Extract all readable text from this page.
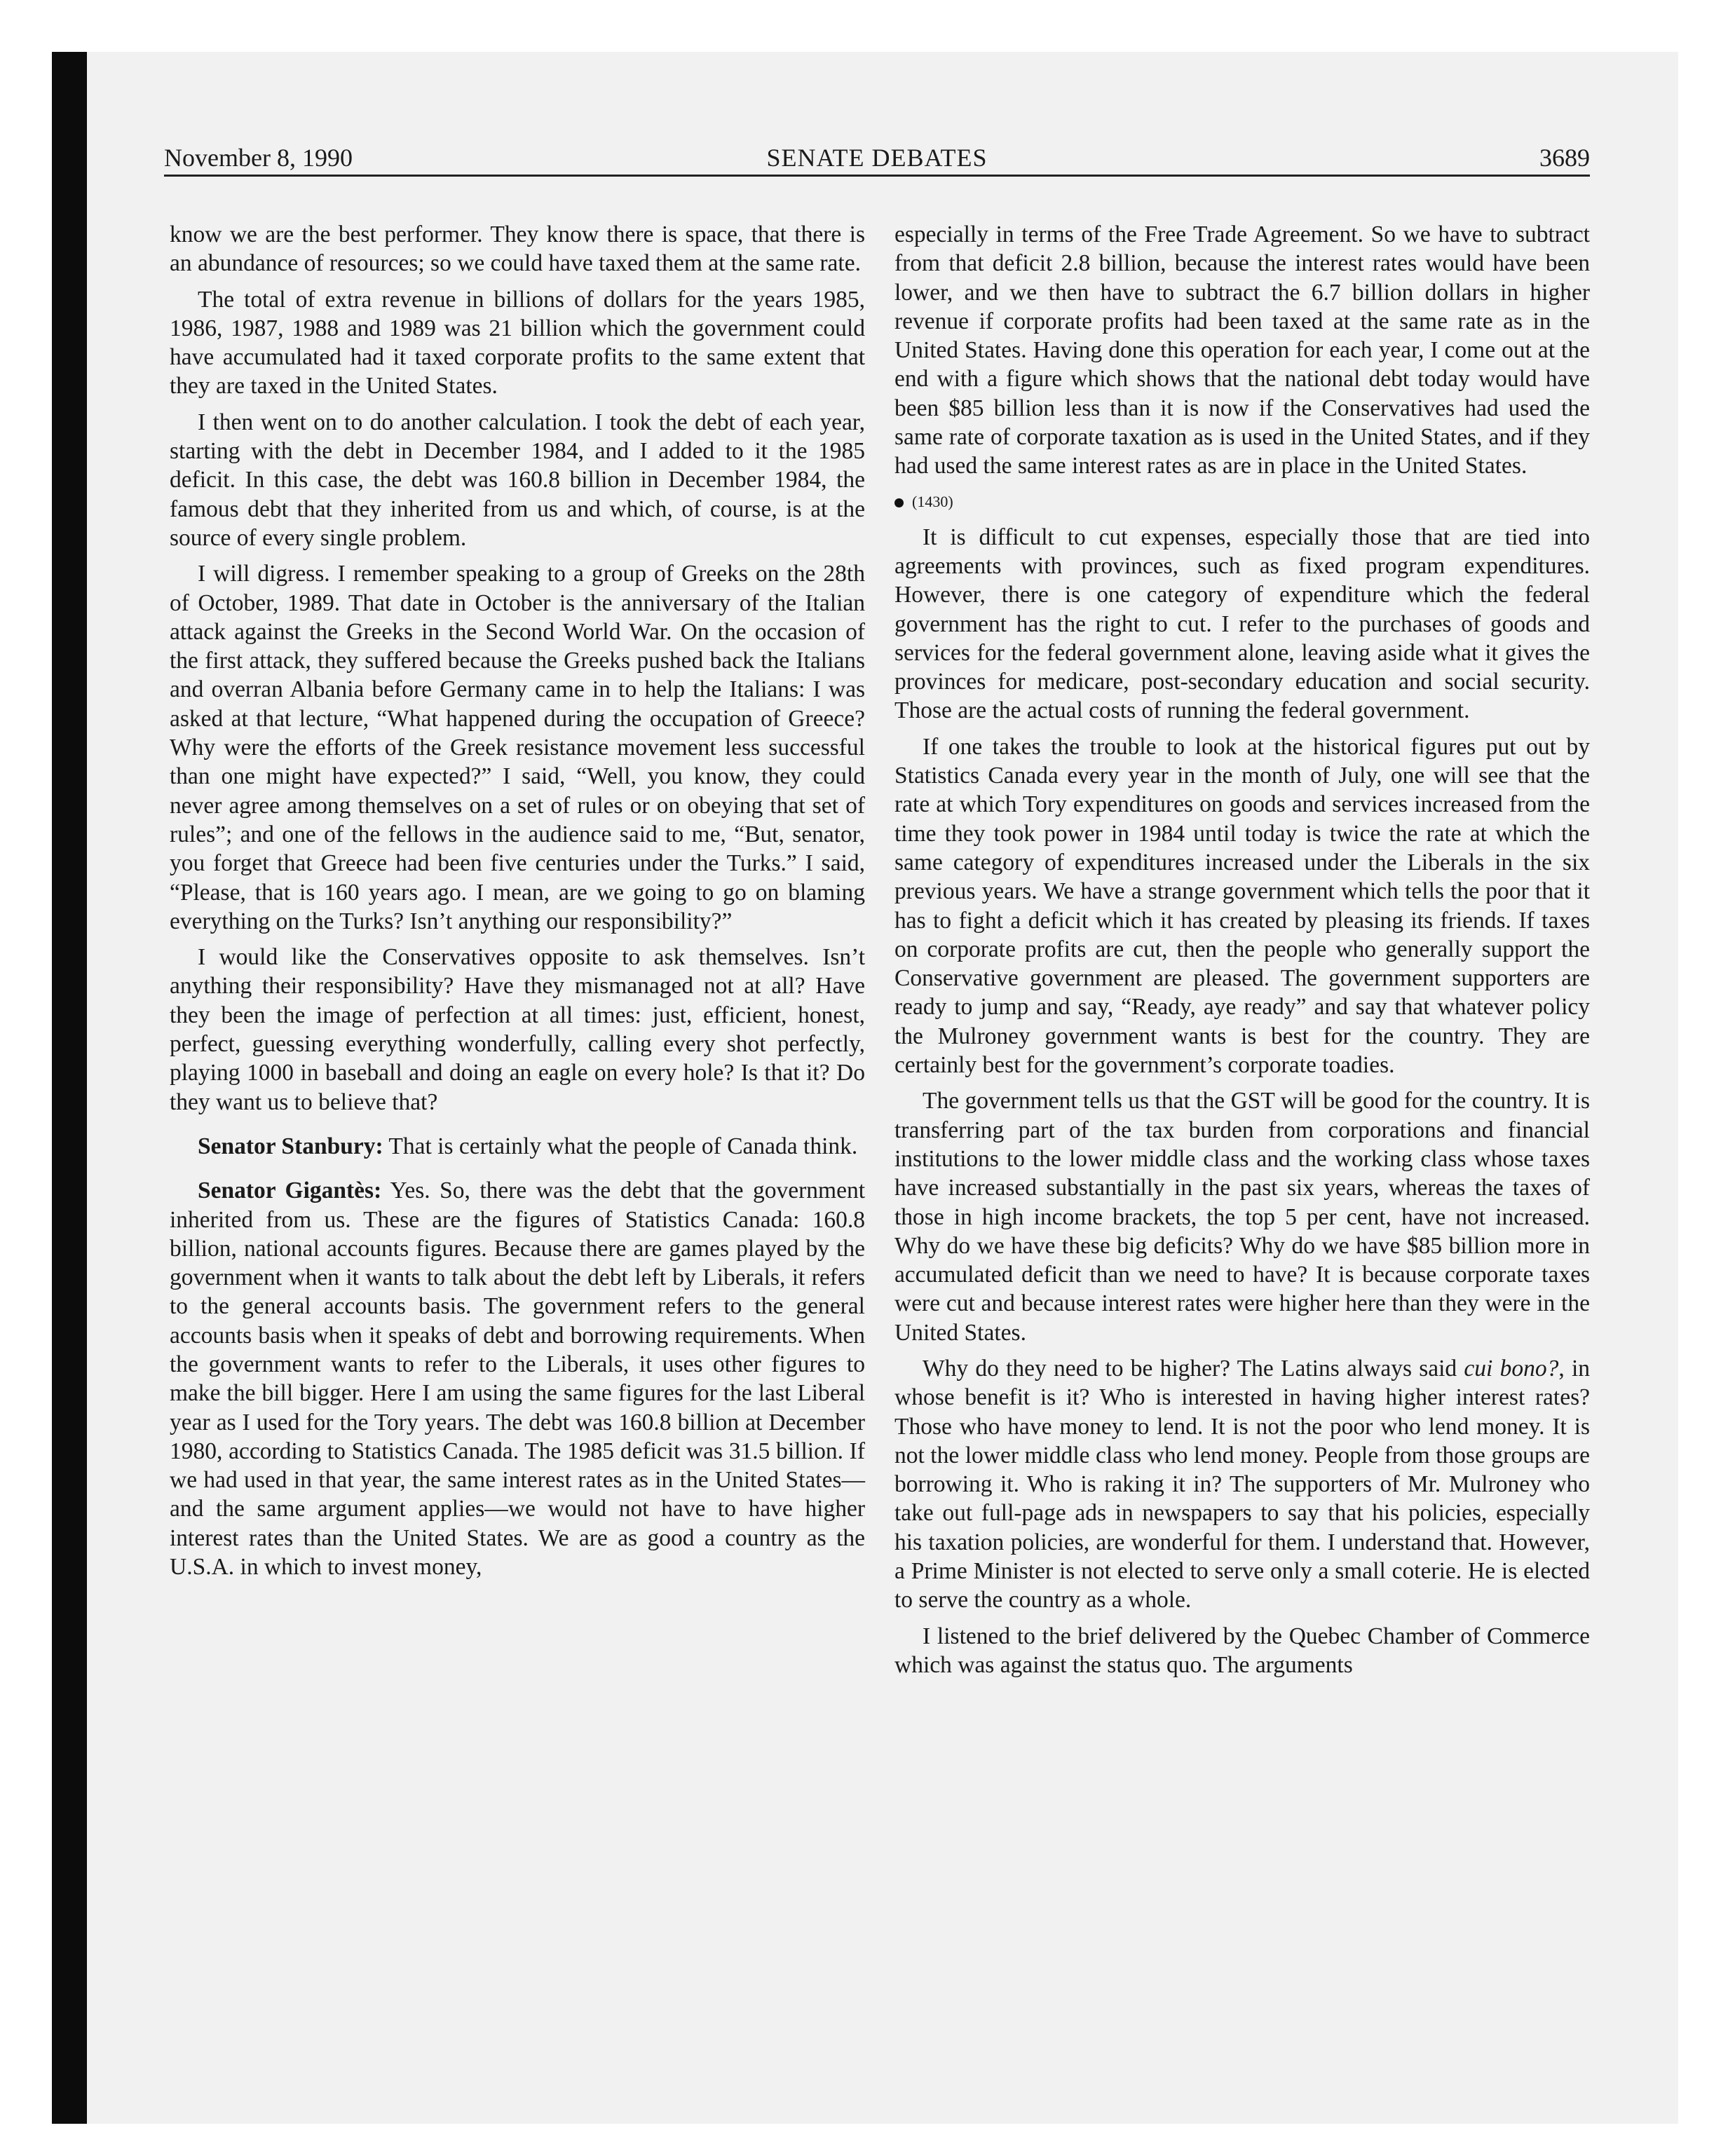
November 8, 1990	SENATE DEBATES	3689

know we are the best performer. They know there is space, that there is an abundance of resources; so we could have taxed them at the same rate.

The total of extra revenue in billions of dollars for the years 1985, 1986, 1987, 1988 and 1989 was 21 billion which the government could have accumulated had it taxed corporate profits to the same extent that they are taxed in the United States.

I then went on to do another calculation. I took the debt of each year, starting with the debt in December 1984, and I added to it the 1985 deficit. In this case, the debt was 160.8 billion in December 1984, the famous debt that they inherited from us and which, of course, is at the source of every single problem.

I will digress. I remember speaking to a group of Greeks on the 28th of October, 1989. That date in October is the anniversary of the Italian attack against the Greeks in the Second World War. On the occasion of the first attack, they suffered because the Greeks pushed back the Italians and overran Albania before Germany came in to help the Italians: I was asked at that lecture, “What happened during the occupation of Greece? Why were the efforts of the Greek resistance movement less successful than one might have expected?” I said, “Well, you know, they could never agree among themselves on a set of rules or on obeying that set of rules”; and one of the fellows in the audience said to me, “But, senator, you forget that Greece had been five centuries under the Turks.” I said, “Please, that is 160 years ago. I mean, are we going to go on blaming everything on the Turks? Isn’t anything our responsibility?”

I would like the Conservatives opposite to ask themselves. Isn’t anything their responsibility? Have they mismanaged not at all? Have they been the image of perfection at all times: just, efficient, honest, perfect, guessing everything wonderfully, calling every shot perfectly, playing 1000 in baseball and doing an eagle on every hole? Is that it? Do they want us to believe that?

Senator Stanbury: That is certainly what the people of Canada think.

Senator Gigantès: Yes. So, there was the debt that the government inherited from us. These are the figures of Statistics Canada: 160.8 billion, national accounts figures. Because there are games played by the government when it wants to talk about the debt left by Liberals, it refers to the general accounts basis. The government refers to the general accounts basis when it speaks of debt and borrowing requirements. When the government wants to refer to the Liberals, it uses other figures to make the bill bigger. Here I am using the same figures for the last Liberal year as I used for the Tory years. The debt was 160.8 billion at December 1980, according to Statistics Canada. The 1985 deficit was 31.5 billion. If we had used in that year, the same interest rates as in the United States—and the same argument applies—we would not have to have higher interest rates than the United States. We are as good a country as the U.S.A. in which to invest money,

especially in terms of the Free Trade Agreement. So we have to subtract from that deficit 2.8 billion, because the interest rates would have been lower, and we then have to subtract the 6.7 billion dollars in higher revenue if corporate profits had been taxed at the same rate as in the United States. Having done this operation for each year, I come out at the end with a figure which shows that the national debt today would have been $85 billion less than it is now if the Conservatives had used the same rate of corporate taxation as is used in the United States, and if they had used the same interest rates as are in place in the United States.

(1430)

It is difficult to cut expenses, especially those that are tied into agreements with provinces, such as fixed program expenditures. However, there is one category of expenditure which the federal government has the right to cut. I refer to the purchases of goods and services for the federal government alone, leaving aside what it gives the provinces for medicare, post-secondary education and social security. Those are the actual costs of running the federal government.

If one takes the trouble to look at the historical figures put out by Statistics Canada every year in the month of July, one will see that the rate at which Tory expenditures on goods and services increased from the time they took power in 1984 until today is twice the rate at which the same category of expenditures increased under the Liberals in the six previous years. We have a strange government which tells the poor that it has to fight a deficit which it has created by pleasing its friends. If taxes on corporate profits are cut, then the people who generally support the Conservative government are pleased. The government supporters are ready to jump and say, “Ready, aye ready” and say that whatever policy the Mulroney government wants is best for the country. They are certainly best for the government’s corporate toadies.

The government tells us that the GST will be good for the country. It is transferring part of the tax burden from corporations and financial institutions to the lower middle class and the working class whose taxes have increased substantially in the past six years, whereas the taxes of those in high income brackets, the top 5 per cent, have not increased. Why do we have these big deficits? Why do we have $85 billion more in accumulated deficit than we need to have? It is because corporate taxes were cut and because interest rates were higher here than they were in the United States.

Why do they need to be higher? The Latins always said cui bono?, in whose benefit is it? Who is interested in having higher interest rates? Those who have money to lend. It is not the poor who lend money. It is not the lower middle class who lend money. People from those groups are borrowing it. Who is raking it in? The supporters of Mr. Mulroney who take out full-page ads in newspapers to say that his policies, especially his taxation policies, are wonderful for them. I understand that. However, a Prime Minister is not elected to serve only a small coterie. He is elected to serve the country as a whole.

I listened to the brief delivered by the Quebec Chamber of Commerce which was against the status quo. The arguments
